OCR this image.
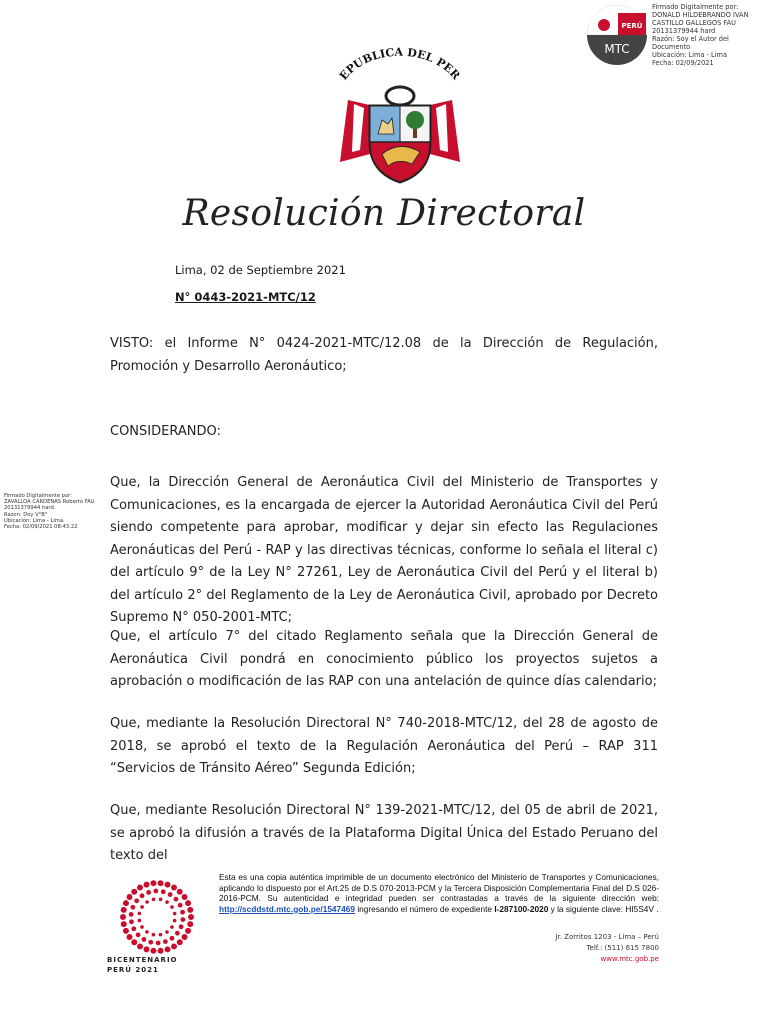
PERÚ
MTC
Firmado Digitalmente por:
DONALD HILDEBRANDO IVAN
CASTILLO GALLEGOS FAU
20131379944 hard
Razón: Soy el Autor del
Documento
Ubicación: Lima - Lima
Fecha: 02/09/2021
EPUBLICA DEL PER
Resolución Directoral
Lima, 02 de Septiembre 2021
N° 0443-2021-MTC/12
VISTO: el Informe N° 0424-2021-MTC/12.08 de la Dirección de Regulación, Promoción y Desarrollo Aeronáutico;
CONSIDERANDO:
Que, la Dirección General de Aeronáutica Civil del Ministerio de Transportes y Comunicaciones, es la encargada de ejercer la Autoridad Aeronáutica Civil del Perú siendo competente para aprobar, modificar y dejar sin efecto las Regulaciones Aeronáuticas del Perú - RAP y las directivas técnicas, conforme lo señala el literal c) del artículo 9° de la Ley N° 27261, Ley de Aeronáutica Civil del Perú y el literal b) del artículo 2° del Reglamento de la Ley de Aeronáutica Civil, aprobado por Decreto Supremo N° 050-2001-MTC;
Que, el artículo 7° del citado Reglamento señala que la Dirección General de Aeronáutica Civil pondrá en conocimiento público los proyectos sujetos a aprobación o modificación de las RAP con una antelación de quince días calendario;
Que, mediante la Resolución Directoral N° 740-2018-MTC/12, del 28 de agosto de 2018, se aprobó el texto de la Regulación Aeronáutica del Perú – RAP 311 “Servicios de Tránsito Aéreo” Segunda Edición;
Que, mediante Resolución Directoral N° 139-2021-MTC/12, del 05 de abril de 2021, se aprobó la difusión a través de la Plataforma Digital Única del Estado Peruano del texto del
Firmado Digitalmente por:
ZAVALLOA CARDENAS Roberto FAU
20131379944 hard.
Razon: Doy V°B°
Ubicación: Lima - Lima.
Fecha: 02/09/2021 08:43:22
BICENTENARIO
PERÚ 2021
Esta es una copia auténtica imprimible de un documento electrónico del Ministerio de Transportes y Comunicaciones, aplicando lo dispuesto por el Art.25 de D.S 070-2013-PCM y la Tercera Disposición Complementaria Final del D.S 026-2016-PCM. Su autenticidad e integridad pueden ser contrastadas a través de la siguiente dirección web: http://scddstd.mtc.gob.pe/1547469 ingresando el número de expediente I-287100-2020 y la siguiente clave: HI5S4V .
Jr. Zorritos 1203 - Lima – Perú
Telf.: (511) 615 7800
www.mtc.gob.pe
